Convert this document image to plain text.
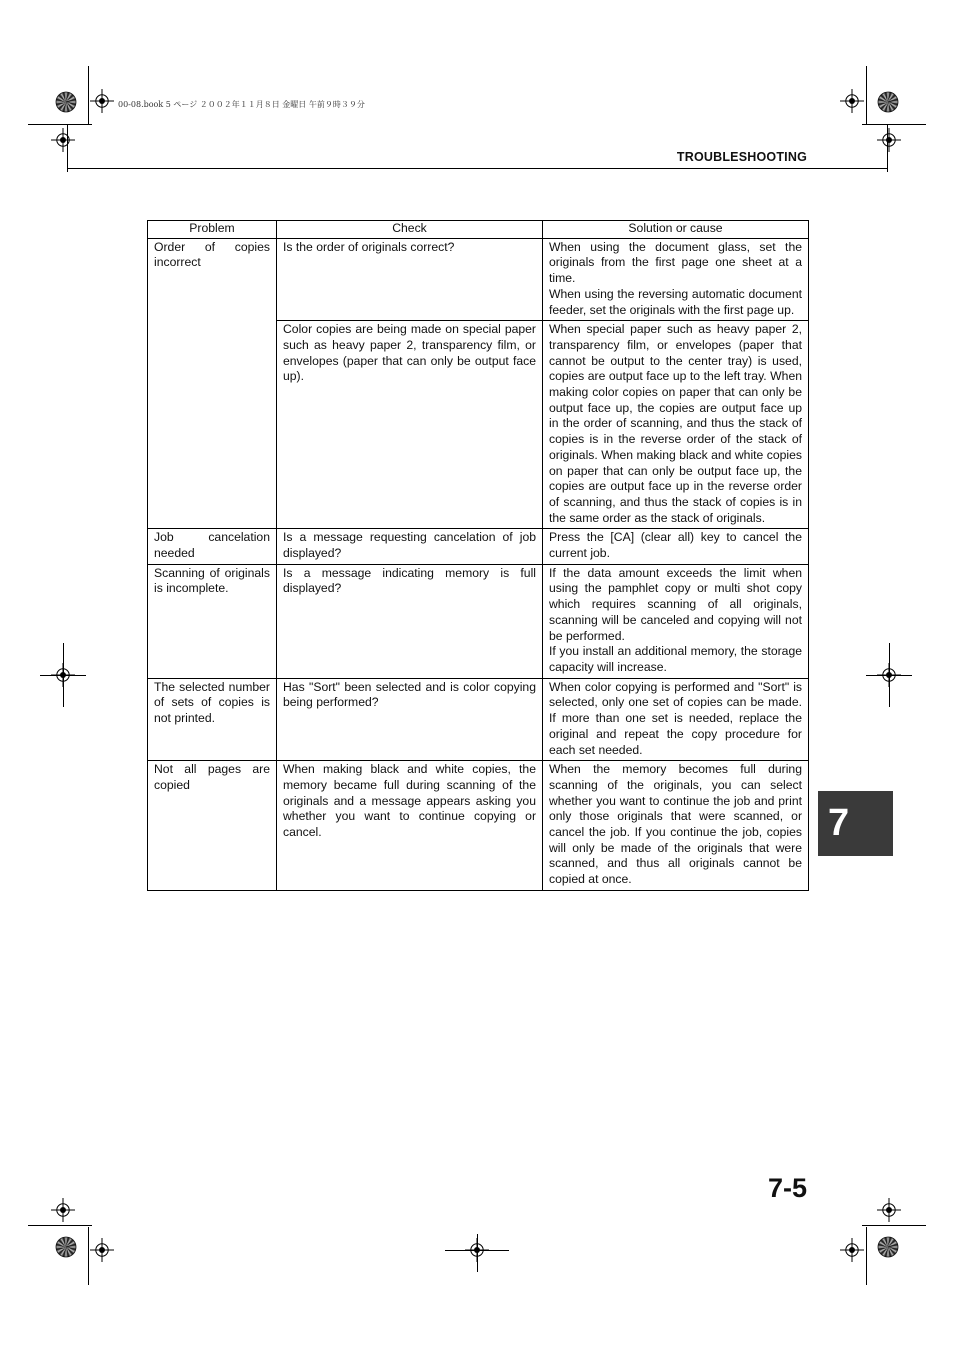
00-08.book 5 ページ ２００２年１１月８日 金曜日 午前９時３９分
TROUBLESHOOTING
Problem	Check	Solution or cause
Order of copies incorrect	Is the order of originals correct?	When using the document glass, set the originals from the first page one sheet at a time.
When using the reversing automatic document feeder, set the originals with the first page up.

	Color copies are being made on special paper such as heavy paper 2, transparency film, or envelopes (paper that can only be output face up).	When special paper such as heavy paper 2, transparency film, or envelopes (paper that cannot be output to the center tray) is used, copies are output face up to the left tray. When making color copies on paper that can only be output face up, the copies are output face up in the order of scanning, and thus the stack of copies is in the reverse order of the stack of originals. When making black and white copies on paper that can only be output face up, the copies are output face up in the reverse order of scanning, and thus the stack of copies is in the same order as the stack of originals.

Job cancelation needed	Is a message requesting cancelation of job displayed?	Press the [CA] (clear all) key to cancel the current job.

Scanning of originals is incomplete.	Is a message indicating memory is full displayed?	If the data amount exceeds the limit when using the pamphlet copy or multi shot copy which requires scanning of all originals, scanning will be canceled and copying will not be performed.
If you install an additional memory, the storage capacity will increase.

The selected number of sets of copies is not printed.	Has "Sort" been selected and is color copying being performed?	When color copying is performed and "Sort" is selected, only one set of copies can be made. If more than one set is needed, replace the original and repeat the copy procedure for each set needed.

Not all pages are copied	When making black and white copies, the memory became full during scanning of the originals and a message appears asking you whether you want to continue copying or cancel.	When the memory becomes full during scanning of the originals, you can select whether you want to continue the job and print only those originals that were scanned, or cancel the job. If you continue the job, copies will only be made of the originals that were scanned, and thus all originals cannot be copied at once.
7
7-5
